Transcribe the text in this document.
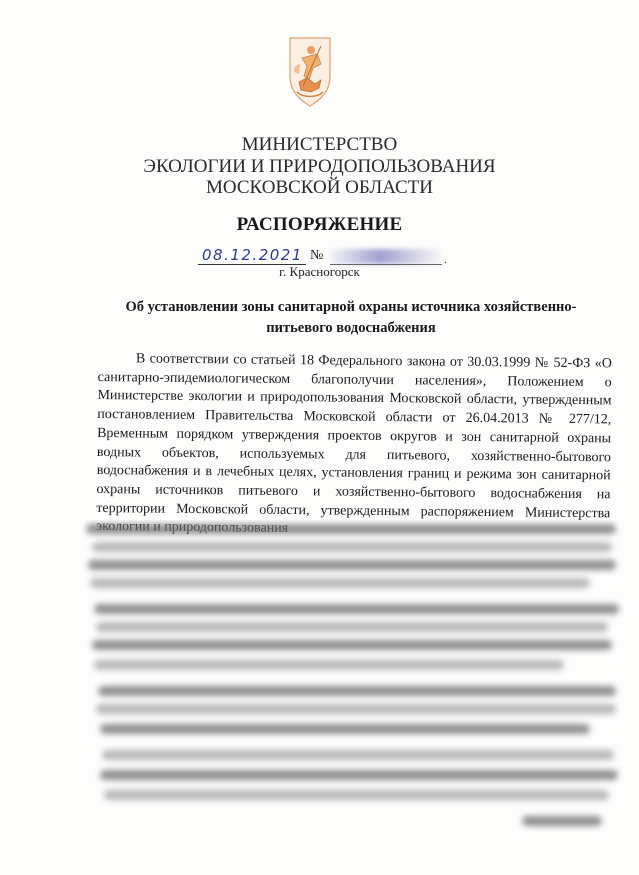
МИНИСТЕРСТВО
ЭКОЛОГИИ И ПРИРОДОПОЛЬЗОВАНИЯ
МОСКОВСКОЙ ОБЛАСТИ
РАСПОРЯЖЕНИЕ
08.12.2021 №	.
г. Красногорск
Об установлении зоны санитарной охраны источника хозяйственно-питьевого водоснабжения

В соответствии со статьей 18 Федерального закона от 30.03.1999 № 52-ФЗ «О санитарно-эпидемиологическом благополучии населения», Положением о Министерстве экологии и природопользования Московской области, утвержденным постановлением Правительства Московской области от 26.04.2013 № 277/12, Временным порядком утверждения проектов округов и зон санитарной охраны водных объектов, используемых для питьевого, хозяйственно-бытового водоснабжения и в лечебных целях, установления границ и режима зон санитарной охраны источников питьевого и хозяйственно-бытового водоснабжения на территории Московской области, утвержденным распоряжением Министерства
